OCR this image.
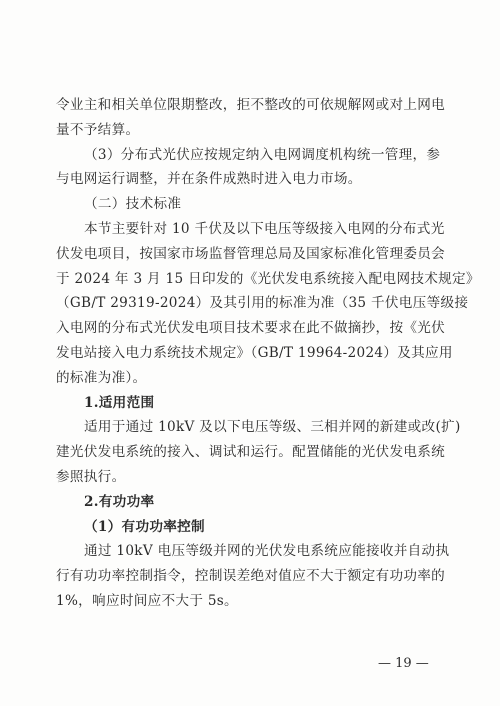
令业主和相关单位限期整改，拒不整改的可依规解网或对上网电
量不予结算。
（3）分布式光伏应按规定纳入电网调度机构统一管理，参
与电网运行调整，并在条件成熟时进入电力市场。
（二）技术标准
本节主要针对 10 千伏及以下电压等级接入电网的分布式光
伏发电项目，按国家市场监督管理总局及国家标准化管理委员会
于 2024 年 3 月 15 日印发的《光伏发电系统接入配电网技术规定》
（GB/T 29319-2024）及其引用的标准为准（35 千伏电压等级接
入电网的分布式光伏发电项目技术要求在此不做摘抄，按《光伏
发电站接入电力系统技术规定》（GB/T 19964-2024）及其应用
的标准为准）。
1.适用范围
适用于通过 10kV 及以下电压等级、三相并网的新建或改(扩)
建光伏发电系统的接入、调试和运行。配置储能的光伏发电系统
参照执行。
2.有功功率
（1）有功功率控制
通过 10kV 电压等级并网的光伏发电系统应能接收并自动执
行有功功率控制指令，控制误差绝对值应不大于额定有功功率的
1%，响应时间应不大于 5s。
— 19 —
